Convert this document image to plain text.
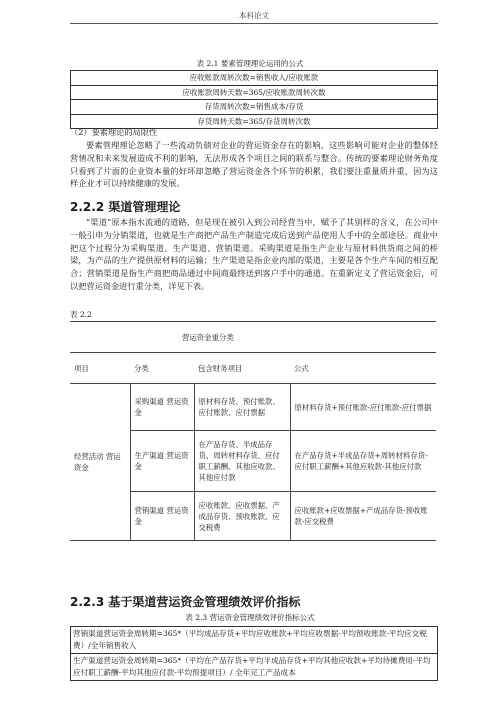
本科论文
表 2.1 要素管理理论运用的公式
应收账款周转次数=销售收入/应收账款
应收账款周转天数=365/应收账款周转次数
存货周转次数=销售成本/存货
存货周转天数=365/存货周转次数

（2）要素理论的局限性

要素管理理论忽略了一些流动负债对企业的营运资金存在的影响，这些影响可能对企业的整体经营情况和未来发展造成不利的影响，无法形成各个项目之间的联系与整合。传统的要素理论财务角度只看到了片面的企业资本量的好坏却忽略了营运资金各个环节的积累，我们要注重量质并重，因为这样企业才可以持续健康的发展。

2.2.2 渠道管理理论

“渠道”原本指水流通的道路，但是现在被引入到公司经营当中，赋予了其别样的含义，在公司中一般引申为分销渠道，也就是生产商把产品生产制造完成后送到产品使用人手中的全部途径。商业中把这个过程分为采购渠道、生产渠道、营销渠道。采购渠道是指生产企业与原材料供货商之间的桥梁，为产品的生产提供原材料的运输；生产渠道是指企业内部的渠道，主要是各个生产车间的相互配合；营销渠道是指生产商把商品通过中间商最终送到客户手中的通道。在重新定义了营运资金后，可以把营运资金进行重分类，详见下表。

表 2.2
营运资金重分类			
项目	分类	包含财务项目	公式
经营活动 营运资金	采购渠道 营运资金	原材料存货、预付账款、应付账款、应付票据	原材料存货+预付账款-应付账款-应付票据
	生产渠道 营运资金	在产品存货、半成品存货、周转材料存货、应付职工薪酬、其他应收款、其他应付款	在产品存货+半成品存货+周转材料存货-应付职工薪酬+其他应收款-其他应付款
	营销渠道 营运资金	应收账款、应收票据、产成品存货、预收账款、应交税费	应收账款+应收票据+产成品存货-预收账款-应交税费
2.2.3 基于渠道营运资金管理绩效评价指标
表 2.3 营运资金管理绩效评价指标公式
营销渠道营运资金周转期=365*（平均成品存货+平均应收账款+平均应收票据-平均预收账款-平均应交税费）/全年销售收入
生产渠道营运资金周转期=365*（平均在产品存货+平均半成品存货+平均其他应收款+平均待摊费用-平均应付职工薪酬-平均其他应付款-平均预提项目）/ 全年完工产品成本
